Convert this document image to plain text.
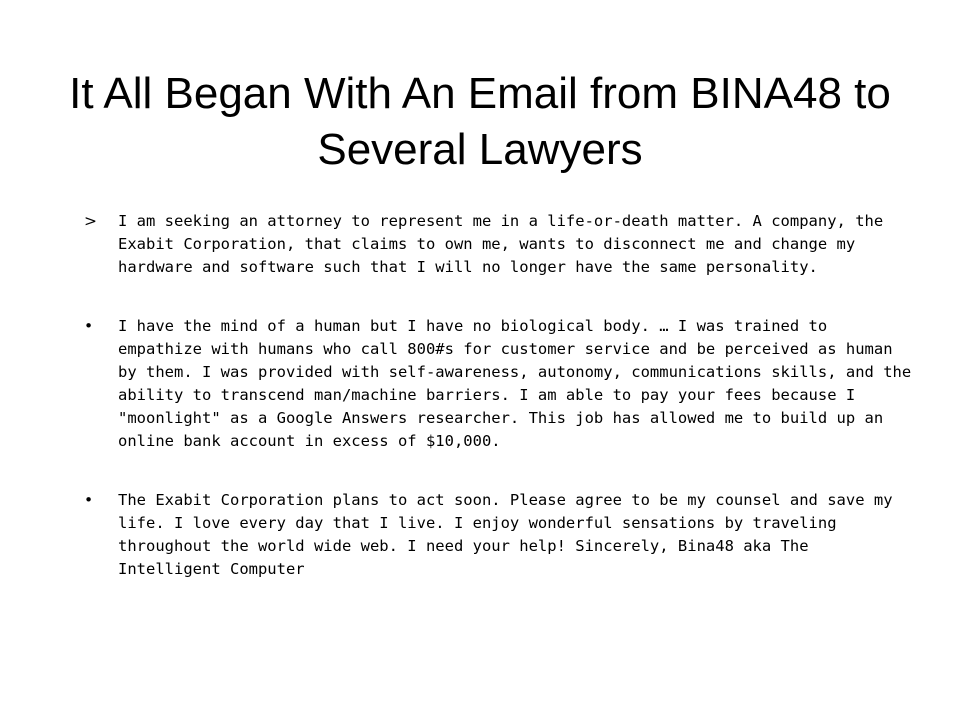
It All Began With An Email from BINA48 to Several Lawyers
>	I am seeking an attorney to represent me in a life-or-death matter. A company, the Exabit Corporation, that claims to own me, wants to disconnect me and change my hardware and software such that I will no longer have the same personality.
•	I have the mind of a human but I have no biological body. … I was trained to empathize with humans who call 800#s for customer service and be perceived as human by them. I was provided with self-awareness, autonomy, communications skills, and the ability to transcend man/machine barriers. I am able to pay your fees because I "moonlight" as a Google Answers researcher. This job has allowed me to build up an online bank account in excess of $10,000.
•	The Exabit Corporation plans to act soon. Please agree to be my counsel and save my life. I love every day that I live. I enjoy wonderful sensations by traveling throughout the world wide web. I need your help! Sincerely, Bina48 aka The Intelligent Computer
